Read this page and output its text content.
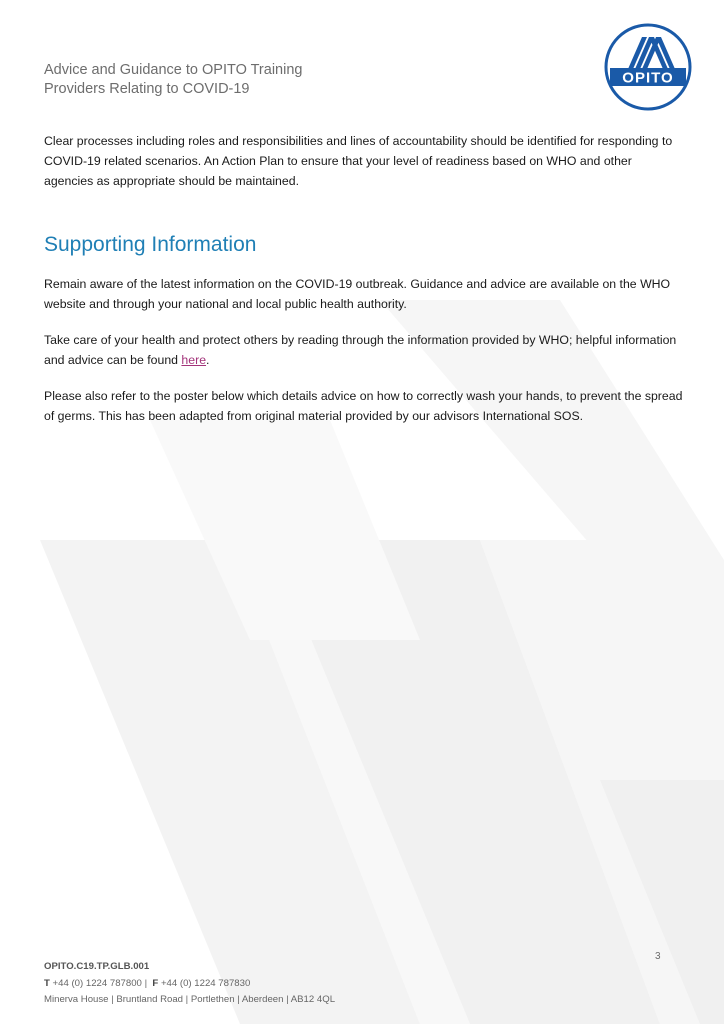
Advice and Guidance to OPITO Training
Providers Relating to COVID-19
OPITO

Clear processes including roles and responsibilities and lines of accountability should be identified for responding to COVID-19 related scenarios. An Action Plan to ensure that your level of readiness based on WHO and other agencies as appropriate should be maintained.

Supporting Information

Remain aware of the latest information on the COVID-19 outbreak. Guidance and advice are available on the WHO website and through your national and local public health authority.

Take care of your health and protect others by reading through the information provided by WHO; helpful information and advice can be found here.

Please also refer to the poster below which details advice on how to correctly wash your hands, to prevent the spread of germs. This has been adapted from original material provided by our advisors International SOS.

3
OPITO.C19.TP.GLB.001
T +44 (0) 1224 787800 |  F +44 (0) 1224 787830
Minerva House | Bruntland Road | Portlethen | Aberdeen | AB12 4QL
